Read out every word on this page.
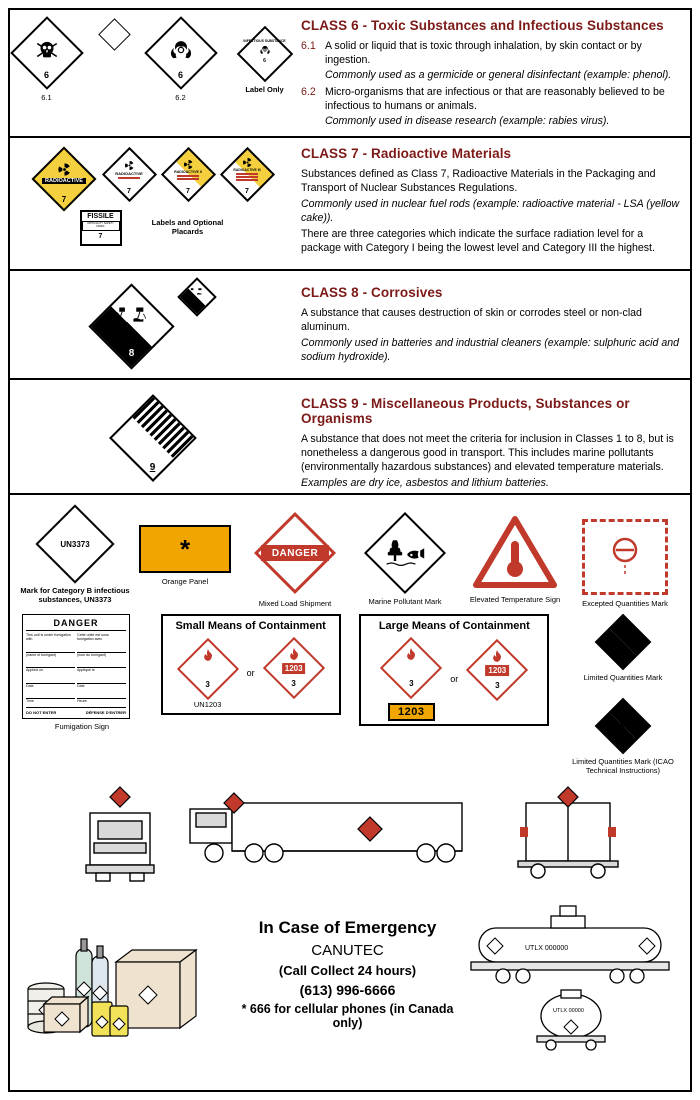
6
6.1
6
6.2
INFECTIOUS SUBSTANCE
6
Label Only
CLASS 6 - Toxic Substances and Infectious Substances
6.1 A solid or liquid that is toxic through inhalation, by skin contact or by ingestion.
Commonly used as a germicide or general disinfectant (example: phenol).
6.2 Micro-organisms that are infectious or that are reasonably believed to be infectious to humans or animals.
Commonly used in disease research (example: rabies virus).
RADIOACTIVE
7
RADIOACTIVE
7
RADIOACTIVE II
7
RADIOACTIVE III
7
FISSILE
CRITICALITY SAFETY INDEX
7
Labels and Optional Placards
CLASS 7 - Radioactive Materials
Substances defined as Class 7, Radioactive Materials in the Packaging and Transport of Nuclear Substances Regulations.
Commonly used in nuclear fuel rods (example: radioactive material - LSA (yellow cake)).
There are three categories which indicate the surface radiation level for a package with Category I being the lowest level and Category III the highest.
8
CLASS 8 - Corrosives
A substance that causes destruction of skin or corrodes steel or non-clad aluminum.
Commonly used in batteries and industrial cleaners (example: sulphuric acid and sodium hydroxide).
9
CLASS 9 - Miscellaneous Products, Substances or Organisms
A substance that does not meet the criteria for inclusion in Classes 1 to 8, but is nonetheless a dangerous good in transport. This includes marine pollutants (environmentally hazardous substances) and elevated temperature materials.
Examples are dry ice, asbestos and lithium batteries.
UN3373
Mark for Category B infectious substances, UN3373
*
Orange Panel
DANGER
Mixed Load Shipment	Marine Pollutant Mark	Elevated Temperature Sign	Excepted Quantities Mark
DANGER
This unit is under fumigation with
(name of fumigant)
Applied on
Date
Time
Cette unité est sous fumigation avec
(nom du fumigant)
Appliqué le
Date
Heure
DO NOT ENTER	DÉFENSE D'ENTRER
Fumigation Sign
Small Means of Containment
3
UN1203
or	1203
3
Large Means of Containment
3
1203
or
1203
3
Limited Quantities Mark
Y
Limited Quantities Mark (ICAO Technical Instructions)
In Case of Emergency
CANUTEC
(Call Collect 24 hours)
(613) 996-6666
* 666 for cellular phones (in Canada only)
UTLX 000000
UTLX 00000
